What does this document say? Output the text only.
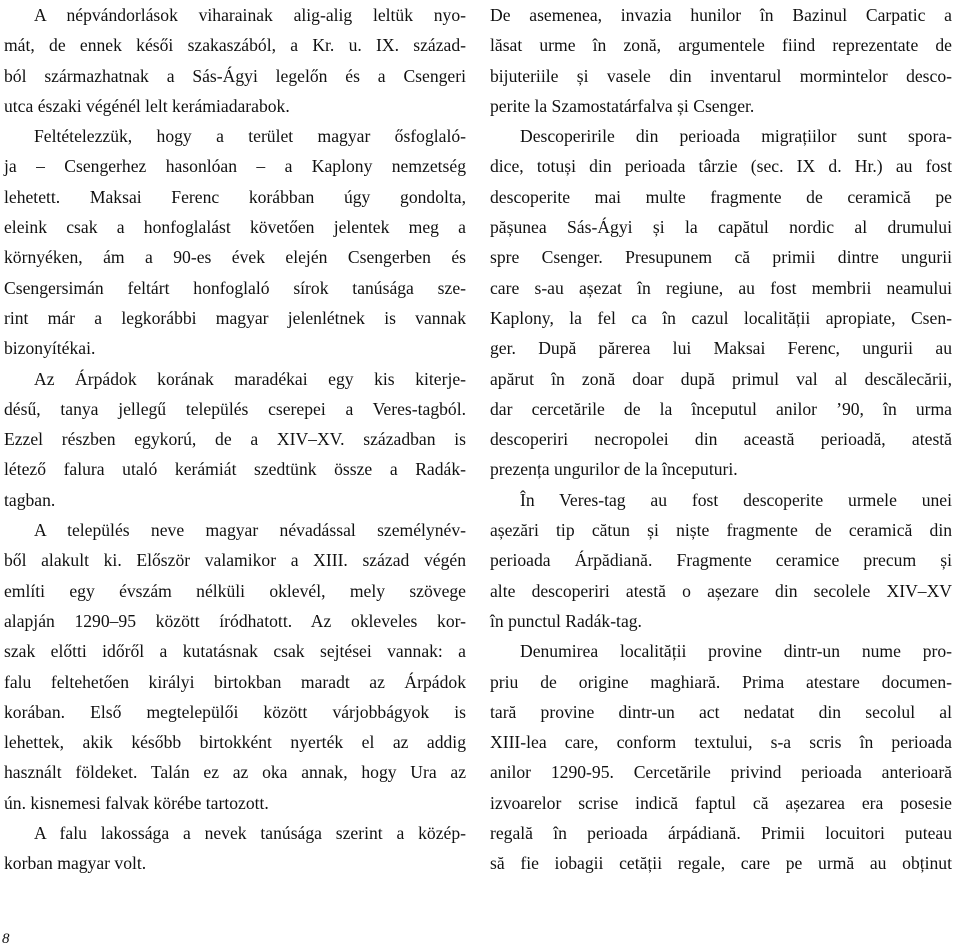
A népvándorlások viharainak alig-alig leltük nyo-
mát, de ennek késői szakaszából, a Kr. u. IX. század-
ból származhatnak a Sás-Ágyi legelőn és a Csengeri
utca északi végénél lelt kerámiadarabok.
Feltételezzük, hogy a terület magyar ősfoglaló-
ja – Csengerhez hasonlóan – a Kaplony nemzetség
lehetett. Maksai Ferenc korábban úgy gondolta,
eleink csak a honfoglalást követően jelentek meg a
környéken, ám a 90-es évek elején Csengerben és
Csengersimán feltárt honfoglaló sírok tanúsága sze-
rint már a legkorábbi magyar jelenlétnek is vannak
bizonyítékai.
Az Árpádok korának maradékai egy kis kiterje-
désű, tanya jellegű település cserepei a Veres-tagból.
Ezzel részben egykorú, de a XIV–XV. században is
létező falura utaló kerámiát szedtünk össze a Radák-
tagban.
A település neve magyar névadással személynév-
ből alakult ki. Először valamikor a XIII. század végén
említi egy évszám nélküli oklevél, mely szövege
alapján 1290–95 között íródhatott. Az okleveles kor-
szak előtti időről a kutatásnak csak sejtései vannak: a
falu feltehetően királyi birtokban maradt az Árpádok
korában. Első megtelepülői között várjobbágyok is
lehettek, akik később birtokként nyerték el az addig
használt földeket. Talán ez az oka annak, hogy Ura az
ún. kisnemesi falvak körébe tartozott.
A falu lakossága a nevek tanúsága szerint a közép-
korban magyar volt.
De asemenea, invazia hunilor în Bazinul Carpatic a
lăsat urme în zonă, argumentele fiind reprezentate de
bijuteriile și vasele din inventarul mormintelor desco-
perite la Szamostatárfalva și Csenger.
Descoperirile din perioada migrațiilor sunt spora-
dice, totuși din perioada târzie (sec. IX d. Hr.) au fost
descoperite mai multe fragmente de ceramică pe
pășunea Sás-Ágyi și la capătul nordic al drumului
spre Csenger. Presupunem că primii dintre ungurii
care s-au așezat în regiune, au fost membrii neamului
Kaplony, la fel ca în cazul localității apropiate, Csen-
ger. După părerea lui Maksai Ferenc, ungurii au
apărut în zonă doar după primul val al descălecării,
dar cercetările de la începutul anilor ’90, în urma
descoperiri necropolei din această perioadă, atestă
prezența ungurilor de la începuturi.
În Veres-tag au fost descoperite urmele unei
așezări tip cătun și niște fragmente de ceramică din
perioada Árpădiană. Fragmente ceramice precum și
alte descoperiri atestă o așezare din secolele XIV–XV
în punctul Radák-tag.
Denumirea localității provine dintr-un nume pro-
priu de origine maghiară. Prima atestare documen-
tară provine dintr-un act nedatat din secolul al
XIII-lea care, conform textului, s-a scris în perioada
anilor 1290-95. Cercetările privind perioada anterioară
izvoarelor scrise indică faptul că așezarea era posesie
regală în perioada árpádiană. Primii locuitori puteau
să fie iobagii cetății regale, care pe urmă au obținut
8
